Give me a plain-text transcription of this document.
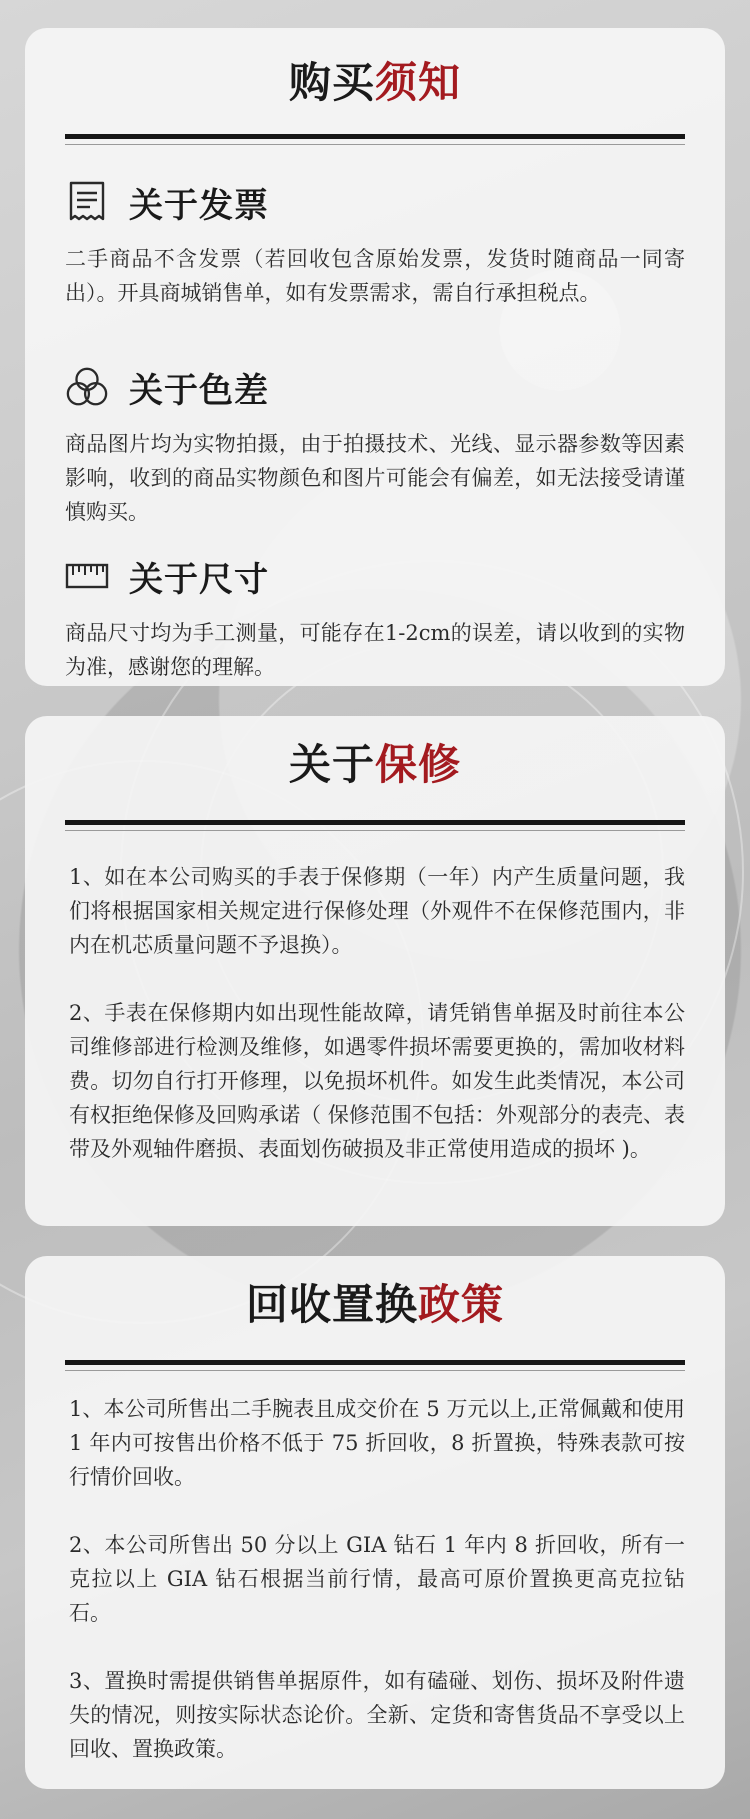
购买须知
关于发票

二手商品不含发票（若回收包含原始发票，发货时随商品一同寄出）。开具商城销售单，如有发票需求，需自行承担税点。

关于色差

商品图片均为实物拍摄，由于拍摄技术、光线、显示器参数等因素影响，收到的商品实物颜色和图片可能会有偏差，如无法接受请谨慎购买。

关于尺寸

商品尺寸均为手工测量，可能存在1-2cm的误差，请以收到的实物为准，感谢您的理解。

关于保修

1、如在本公司购买的手表于保修期（一年）内产生质量问题，我们将根据国家相关规定进行保修处理（外观件不在保修范围内，非内在机芯质量问题不予退换）。

2、手表在保修期内如出现性能故障，请凭销售单据及时前往本公司维修部进行检测及维修，如遇零件损坏需要更换的，需加收材料费。切勿自行打开修理，以免损坏机件。如发生此类情况，本公司有权拒绝保修及回购承诺（ 保修范围不包括：外观部分的表壳、表带及外观轴件磨损、表面划伤破损及非正常使用造成的损坏 )。

回收置换政策

1、本公司所售出二手腕表且成交价在 5 万元以上,正常佩戴和使用 1 年内可按售出价格不低于 75 折回收，8 折置换，特殊表款可按行情价回收。

2、本公司所售出 50 分以上 GIA 钻石 1 年内 8 折回收，所有一克拉以上 GIA 钻石根据当前行情，最高可原价置换更高克拉钻石。

3、置换时需提供销售单据原件，如有磕碰、划伤、损坏及附件遗失的情况，则按实际状态论价。全新、定货和寄售货品不享受以上回收、置换政策。
